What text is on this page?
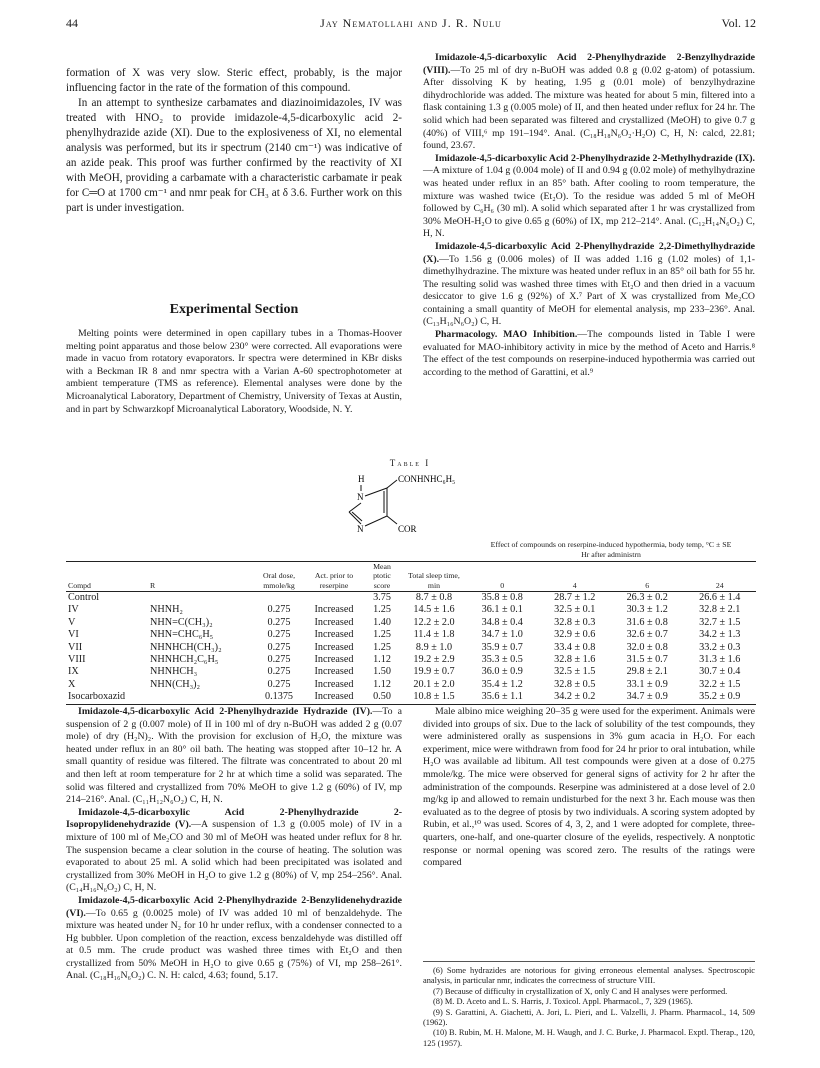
44	Jay Nematollahi and J. R. Nulu	Vol. 12

formation of X was very slow. Steric effect, probably, is the major influencing factor in the rate of the formation of this compound.

In an attempt to synthesize carbamates and diazinoimidazoles, IV was treated with HNO₂ to provide imidazole-4,5-dicarboxylic acid 2-phenylhydrazide azide (XI). Due to the explosiveness of XI, no elemental analysis was performed, but its ir spectrum (2140 cm⁻¹) was indicative of an azide peak. This proof was further confirmed by the reactivity of XI with MeOH, providing a carbamate with a characteristic carbamate ir peak for C═O at 1700 cm⁻¹ and nmr peak for CH₃ at δ 3.6. Further work on this part is under investigation.

Imidazole-4,5-dicarboxylic Acid 2-Phenylhydrazide 2-Benzylhydrazide (VIII).—To 25 ml of dry n-BuOH was added 0.8 g (0.02 g-atom) of potassium. After dissolving K by heating, 1.95 g (0.01 mole) of benzylhydrazine dihydrochloride was added. The mixture was heated for about 5 min, filtered into a flask containing 1.3 g (0.005 mole) of II, and then heated under reflux for 24 hr. The solid which had been separated was filtered and crystallized (MeOH) to give 0.7 g (40%) of VIII,⁶ mp 191–194°. Anal. (C₁₈H₁₈N₆O₂·H₂O) C, H, N: calcd, 22.81; found, 23.67.

Imidazole-4,5-dicarboxylic Acid 2-Phenylhydrazide 2-Methylhydrazide (IX).—A mixture of 1.04 g (0.004 mole) of II and 0.94 g (0.02 mole) of methylhydrazine was heated under reflux in an 85° bath. After cooling to room temperature, the mixture was washed twice (Et₂O). To the residue was added 5 ml of MeOH followed by C₆H₆ (30 ml). A solid which separated after 1 hr was crystallized from 30% MeOH-H₂O to give 0.65 g (60%) of IX, mp 212–214°. Anal. (C₁₂H₁₄N₆O₂) C, H, N.

Imidazole-4,5-dicarboxylic Acid 2-Phenylhydrazide 2,2-Dimethylhydrazide (X).—To 1.56 g (0.006 moles) of II was added 1.16 g (1.02 moles) of 1,1-dimethylhydrazine. The mixture was heated under reflux in an 85° oil bath for 55 hr. The resulting solid was washed three times with Et₂O and then dried in a vacuum desiccator to give 1.6 g (92%) of X.⁷ Part of X was crystallized from Me₂CO containing a small quantity of MeOH for elemental analysis, mp 233–236°. Anal. (C₁₃H₁₆N₆O₂) C, H.

Pharmacology. MAO Inhibition.—The compounds listed in Table I were evaluated for MAO-inhibitory activity in mice by the method of Aceto and Harris.⁸ The effect of the test compounds on reserpine-induced hypothermia was carried out according to the method of Garattini, et al.⁹

Experimental Section

Melting points were determined in open capillary tubes in a Thomas-Hoover melting point apparatus and those below 230° were corrected. All evaporations were made in vacuo from rotatory evaporators. Ir spectra were determined in KBr disks with a Beckman IR 8 and nmr spectra with a Varian A-60 spectrophotometer at ambient temperature (TMS as reference). Elemental analyses were done by the Microanalytical Laboratory, Department of Chemistry, University of Texas at Austin, and in part by Schwarzkopf Microanalytical Laboratory, Woodside, N. Y.

Table I
H
N
N
CONHNHC₆H₅
COR
						Effect of compounds on reserpine-induced hypothermia, body temp, °C ± SE			
						Hr after administrn			

Compd	R	Oral dose, mmole/kg	Act. prior to reserpine	Mean ptotic score	Total sleep time, min	0	4	6	24

Control				3.75	8.7 ± 0.8	35.8 ± 0.8	28.7 ± 1.2	26.3 ± 0.2	26.6 ± 1.4
IV	NHNH₂	0.275	Increased	1.25	14.5 ± 1.6	36.1 ± 0.1	32.5 ± 0.1	30.3 ± 1.2	32.8 ± 2.1
V	NHN=C(CH₃)₂	0.275	Increased	1.40	12.2 ± 2.0	34.8 ± 0.4	32.8 ± 0.3	31.6 ± 0.8	32.7 ± 1.5
VI	NHN=CHC₆H₅	0.275	Increased	1.25	11.4 ± 1.8	34.7 ± 1.0	32.9 ± 0.6	32.6 ± 0.7	34.2 ± 1.3
VII	NHNHCH(CH₃)₂	0.275	Increased	1.25	8.9 ± 1.0	35.9 ± 0.7	33.4 ± 0.8	32.0 ± 0.8	33.2 ± 0.3
VIII	NHNHCH₂C₆H₅	0.275	Increased	1.12	19.2 ± 2.9	35.3 ± 0.5	32.8 ± 1.6	31.5 ± 0.7	31.3 ± 1.6
IX	NHNHCH₃	0.275	Increased	1.50	19.9 ± 0.7	36.0 ± 0.9	32.5 ± 1.5	29.8 ± 2.1	30.7 ± 0.4
X	NHN(CH₃)₂	0.275	Increased	1.12	20.1 ± 2.0	35.4 ± 1.2	32.8 ± 0.5	33.1 ± 0.9	32.2 ± 1.5
Isocarboxazid		0.1375	Increased	0.50	10.8 ± 1.5	35.6 ± 1.1	34.2 ± 0.2	34.7 ± 0.9	35.2 ± 0.9

Imidazole-4,5-dicarboxylic Acid 2-Phenylhydrazide Hydrazide (IV).—To a suspension of 2 g (0.007 mole) of II in 100 ml of dry n-BuOH was added 2 g (0.07 mole) of dry (H₂N)₂. With the provision for exclusion of H₂O, the mixture was heated under reflux in an 80° oil bath. The heating was stopped after 10–12 hr. A small quantity of residue was filtered. The filtrate was concentrated to about 20 ml and then left at room temperature for 2 hr at which time a solid was separated. The solid was filtered and crystallized from 70% MeOH to give 1.2 g (60%) of IV, mp 214–216°. Anal. (C₁₁H₁₂N₆O₂) C, H, N.

Imidazole-4,5-dicarboxylic Acid 2-Phenylhydrazide 2-Isopropylidenehydrazide (V).—A suspension of 1.3 g (0.005 mole) of IV in a mixture of 100 ml of Me₂CO and 30 ml of MeOH was heated under reflux for 8 hr. The suspension became a clear solution in the course of heating. The solution was evaporated to about 25 ml. A solid which had been precipitated was isolated and crystallized from 30% MeOH in H₂O to give 1.2 g (80%) of V, mp 254–256°. Anal. (C₁₄H₁₆N₆O₂) C, H, N.

Imidazole-4,5-dicarboxylic Acid 2-Phenylhydrazide 2-Benzylidenehydrazide (VI).—To 0.65 g (0.0025 mole) of IV was added 10 ml of benzaldehyde. The mixture was heated under N₂ for 10 hr under reflux, with a condenser connected to a Hg bubbler. Upon completion of the reaction, excess benzaldehyde was distilled off at 0.5 mm. The crude product was washed three times with Et₂O and then crystallized from 50% MeOH in H₂O to give 0.65 g (75%) of VI, mp 258–261°. Anal. (C₁₈H₁₆N₆O₂) C. N. H: calcd, 4.63; found, 5.17.

Male albino mice weighing 20–35 g were used for the experiment. Animals were divided into groups of six. Due to the lack of solubility of the test compounds, they were administered orally as suspensions in 3% gum acacia in H₂O. For each experiment, mice were withdrawn from food for 24 hr prior to oral intubation, while H₂O was available ad libitum. All test compounds were given at a dose of 0.275 mmole/kg. The mice were observed for general signs of activity for 2 hr after the administration of the compounds. Reserpine was administered at a dose level of 2.0 mg/kg ip and allowed to remain undisturbed for the next 3 hr. Each mouse was then evaluated as to the degree of ptosis by two individuals. A scoring system adopted by Rubin, et al.,¹⁰ was used. Scores of 4, 3, 2, and 1 were adopted for complete, three-quarters, one-half, and one-quarter closure of the eyelids, respectively. A nonptotic response or normal opening was scored zero. The results of the ratings were compared

(6) Some hydrazides are notorious for giving erroneous elemental analyses. Spectroscopic analysis, in particular nmr, indicates the correctness of structure VIII.

(7) Because of difficulty in crystallization of X, only C and H analyses were performed.

(8) M. D. Aceto and L. S. Harris, J. Toxicol. Appl. Pharmacol., 7, 329 (1965).

(9) S. Garattini, A. Giachetti, A. Jori, L. Pieri, and L. Valzelli, J. Pharm. Pharmacol., 14, 509 (1962).

(10) B. Rubin, M. H. Malone, M. H. Waugh, and J. C. Burke, J. Pharmacol. Exptl. Therap., 120, 125 (1957).
